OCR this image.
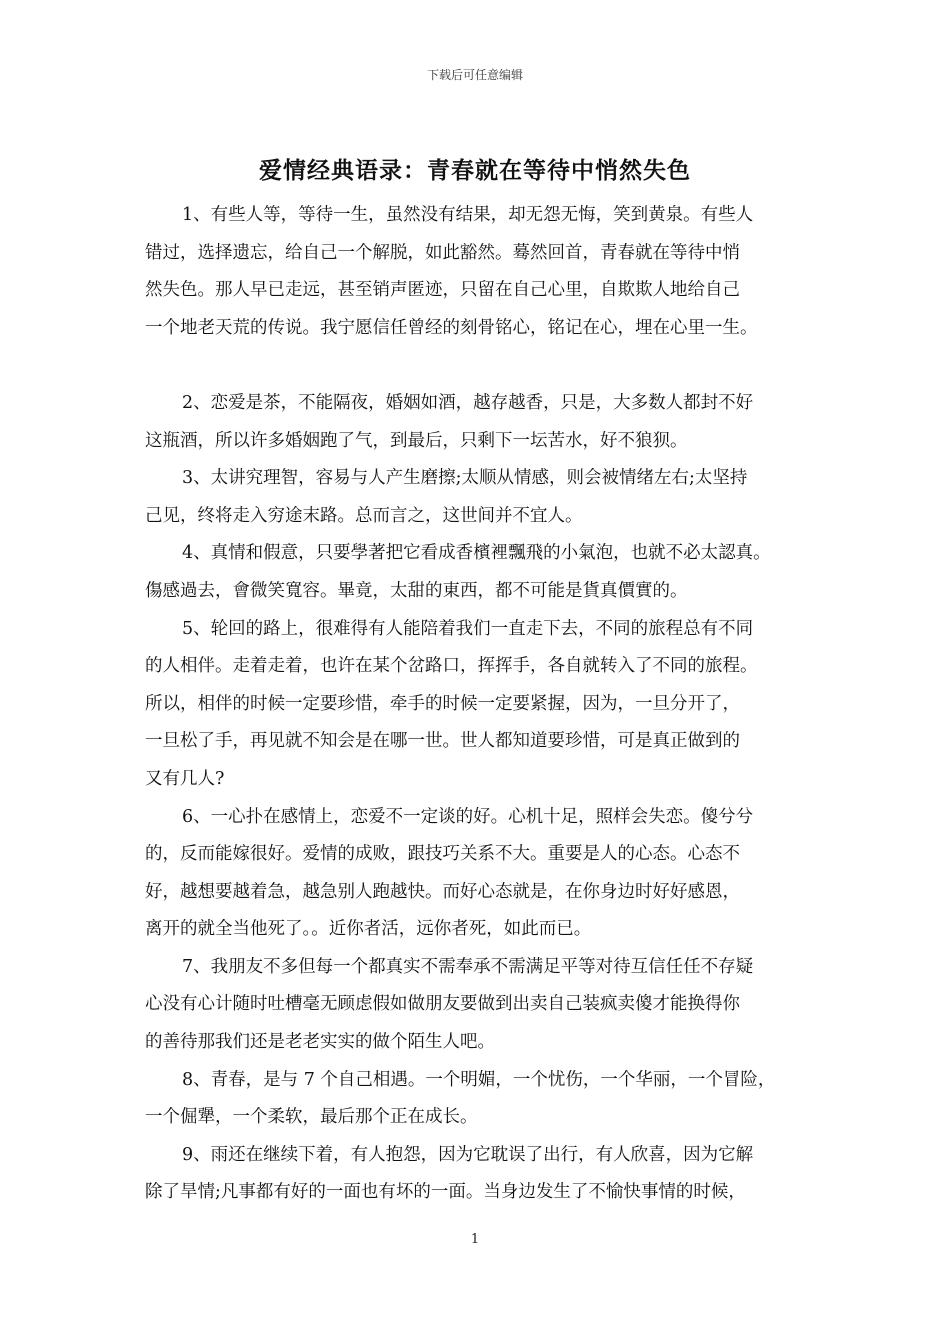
下载后可任意编辑
爱情经典语录：青春就在等待中悄然失色
1、有些人等，等待一生，虽然没有结果，却无怨无悔，笑到黄泉。有些人
错过，选择遗忘，给自己一个解脱，如此豁然。蓦然回首，青春就在等待中悄
然失色。那人早已走远，甚至销声匿迹，只留在自己心里，自欺欺人地给自己
一个地老天荒的传说。我宁愿信任曾经的刻骨铭心，铭记在心，埋在心里一生。
2、恋爱是茶，不能隔夜，婚姻如酒，越存越香，只是，大多数人都封不好
这瓶酒，所以许多婚姻跑了气，到最后，只剩下一坛苦水，好不狼狈。
3、太讲究理智，容易与人产生磨擦;太顺从情感，则会被情绪左右;太坚持
己见，终将走入穷途末路。总而言之，这世间并不宜人。
4、真情和假意，只要學著把它看成香檳裡飄飛的小氣泡，也就不必太認真。
傷感過去，會微笑寬容。畢竟，太甜的東西，都不可能是貨真價實的。
5、轮回的路上，很难得有人能陪着我们一直走下去，不同的旅程总有不同
的人相伴。走着走着，也许在某个岔路口，挥挥手，各自就转入了不同的旅程。
所以，相伴的时候一定要珍惜，牵手的时候一定要紧握，因为，一旦分开了，
一旦松了手，再见就不知会是在哪一世。世人都知道要珍惜，可是真正做到的
又有几人?
6、一心扑在感情上，恋爱不一定谈的好。心机十足，照样会失恋。傻兮兮
的，反而能嫁很好。爱情的成败，跟技巧关系不大。重要是人的心态。心态不
好，越想要越着急，越急别人跑越快。而好心态就是，在你身边时好好感恩，
离开的就全当他死了。。近你者活，远你者死，如此而已。
7、我朋友不多但每一个都真实不需奉承不需满足平等对待互信任任不存疑
心没有心计随时吐槽毫无顾虑假如做朋友要做到出卖自己装疯卖傻才能换得你
的善待那我们还是老老实实的做个陌生人吧。
8、青春，是与 7 个自己相遇。一个明媚，一个忧伤，一个华丽，一个冒险，
一个倔犟，一个柔软，最后那个正在成长。
9、雨还在继续下着，有人抱怨，因为它耽误了出行，有人欣喜，因为它解
除了旱情;凡事都有好的一面也有坏的一面。当身边发生了不愉快事情的时候，
1
